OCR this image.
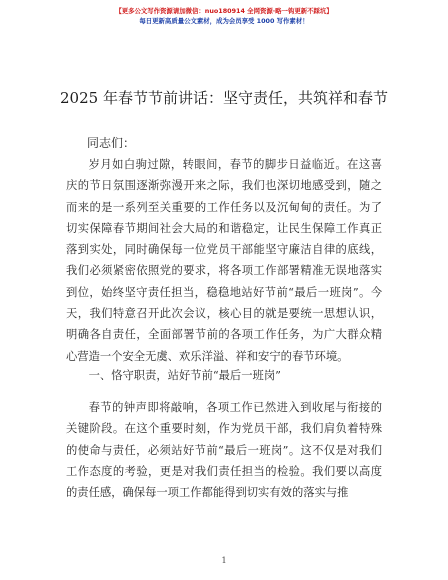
【更多公文写作资源请加微信：nuo180914 全网资源·略一钩更新不踩坑】
每日更新高质量公文素材，成为会员享受 1000 写作素材！
2025 年春节节前讲话：坚守责任，共筑祥和春节
同志们：

岁月如白驹过隙，转眼间，春节的脚步日益临近。在这喜庆的节日氛围逐渐弥漫开来之际，我们也深切地感受到，随之而来的是一系列至关重要的工作任务以及沉甸甸的责任。为了切实保障春节期间社会大局的和谐稳定，让民生保障工作真正落到实处，同时确保每一位党员干部能坚守廉洁自律的底线，我们必须紧密依照党的要求，将各项工作部署精准无误地落实到位，始终坚守责任担当，稳稳地站好节前“最后一班岗”。今天，我们特意召开此次会议，核心目的就是要统一思想认识，明确各自责任，全面部署节前的各项工作任务，为广大群众精心营造一个安全无虞、欢乐洋溢、祥和安宁的春节环境。

一、恪守职责，站好节前“最后一班岗”

春节的钟声即将敲响，各项工作已然进入到收尾与衔接的关键阶段。在这个重要时刻，作为党员干部，我们肩负着特殊的使命与责任，必须站好节前“最后一班岗”。这不仅是对我们工作态度的考验，更是对我们责任担当的检验。我们要以高度的责任感，确保每一项工作都能得到切实有效的落实与推

1
